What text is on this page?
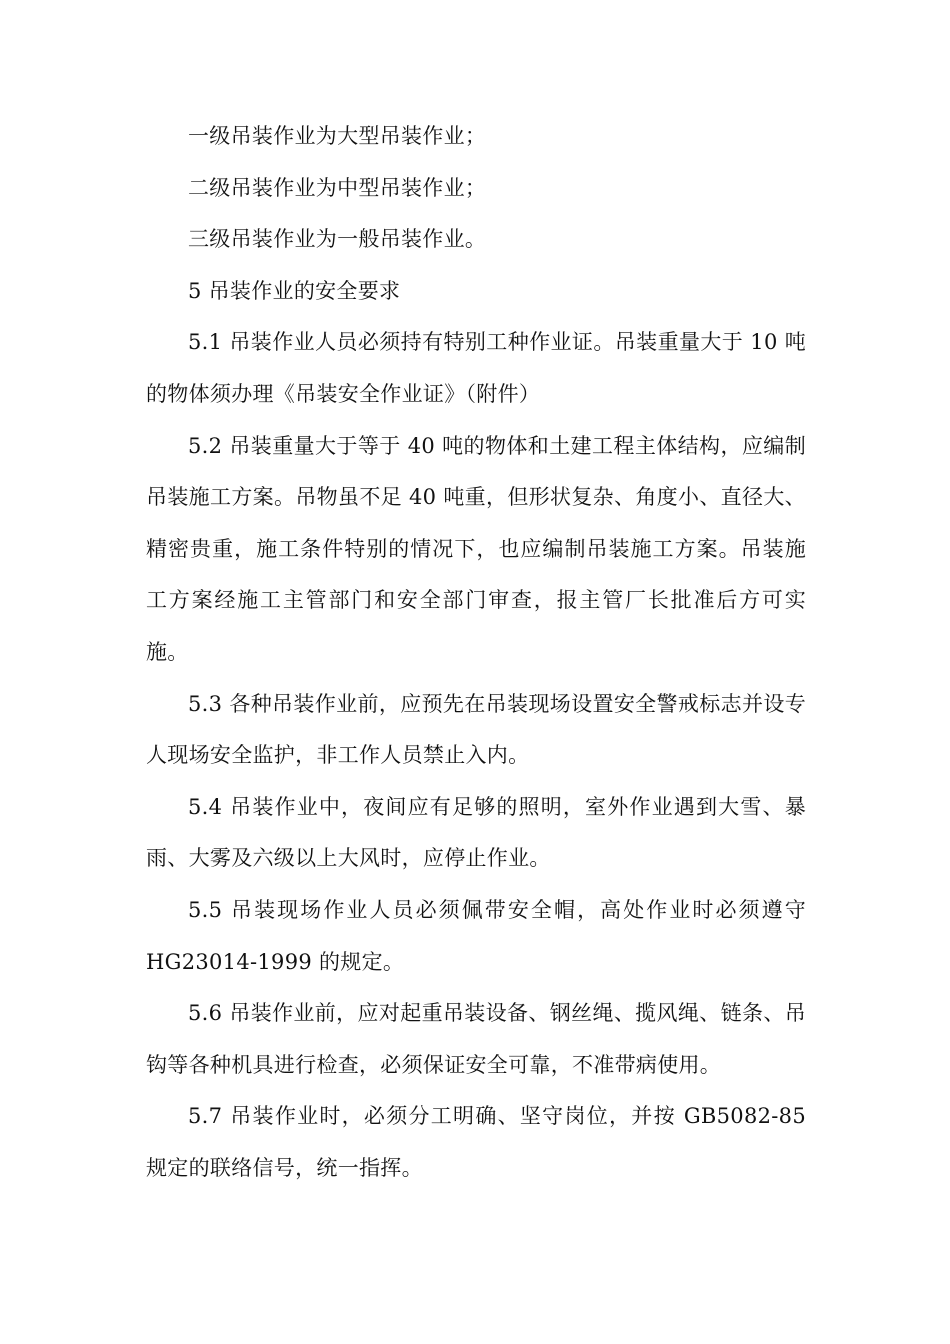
一级吊装作业为大型吊装作业；

二级吊装作业为中型吊装作业；

三级吊装作业为一般吊装作业。

5 吊装作业的安全要求

5.1 吊装作业人员必须持有特别工种作业证。吊装重量大于 10 吨的物体须办理《吊装安全作业证》（附件）

5.2 吊装重量大于等于 40 吨的物体和土建工程主体结构，应编制吊装施工方案。吊物虽不足 40 吨重，但形状复杂、角度小、直径大、精密贵重，施工条件特别的情况下，也应编制吊装施工方案。吊装施工方案经施工主管部门和安全部门审查，报主管厂长批准后方可实施。

5.3 各种吊装作业前，应预先在吊装现场设置安全警戒标志并设专人现场安全监护，非工作人员禁止入内。

5.4 吊装作业中，夜间应有足够的照明，室外作业遇到大雪、暴雨、大雾及六级以上大风时，应停止作业。

5.5 吊装现场作业人员必须佩带安全帽，高处作业时必须遵守 HG23014-1999 的规定。

5.6 吊装作业前，应对起重吊装设备、钢丝绳、揽风绳、链条、吊钩等各种机具进行检查，必须保证安全可靠，不准带病使用。

5.7 吊装作业时，必须分工明确、坚守岗位，并按 GB5082-85 规定的联络信号，统一指挥。
